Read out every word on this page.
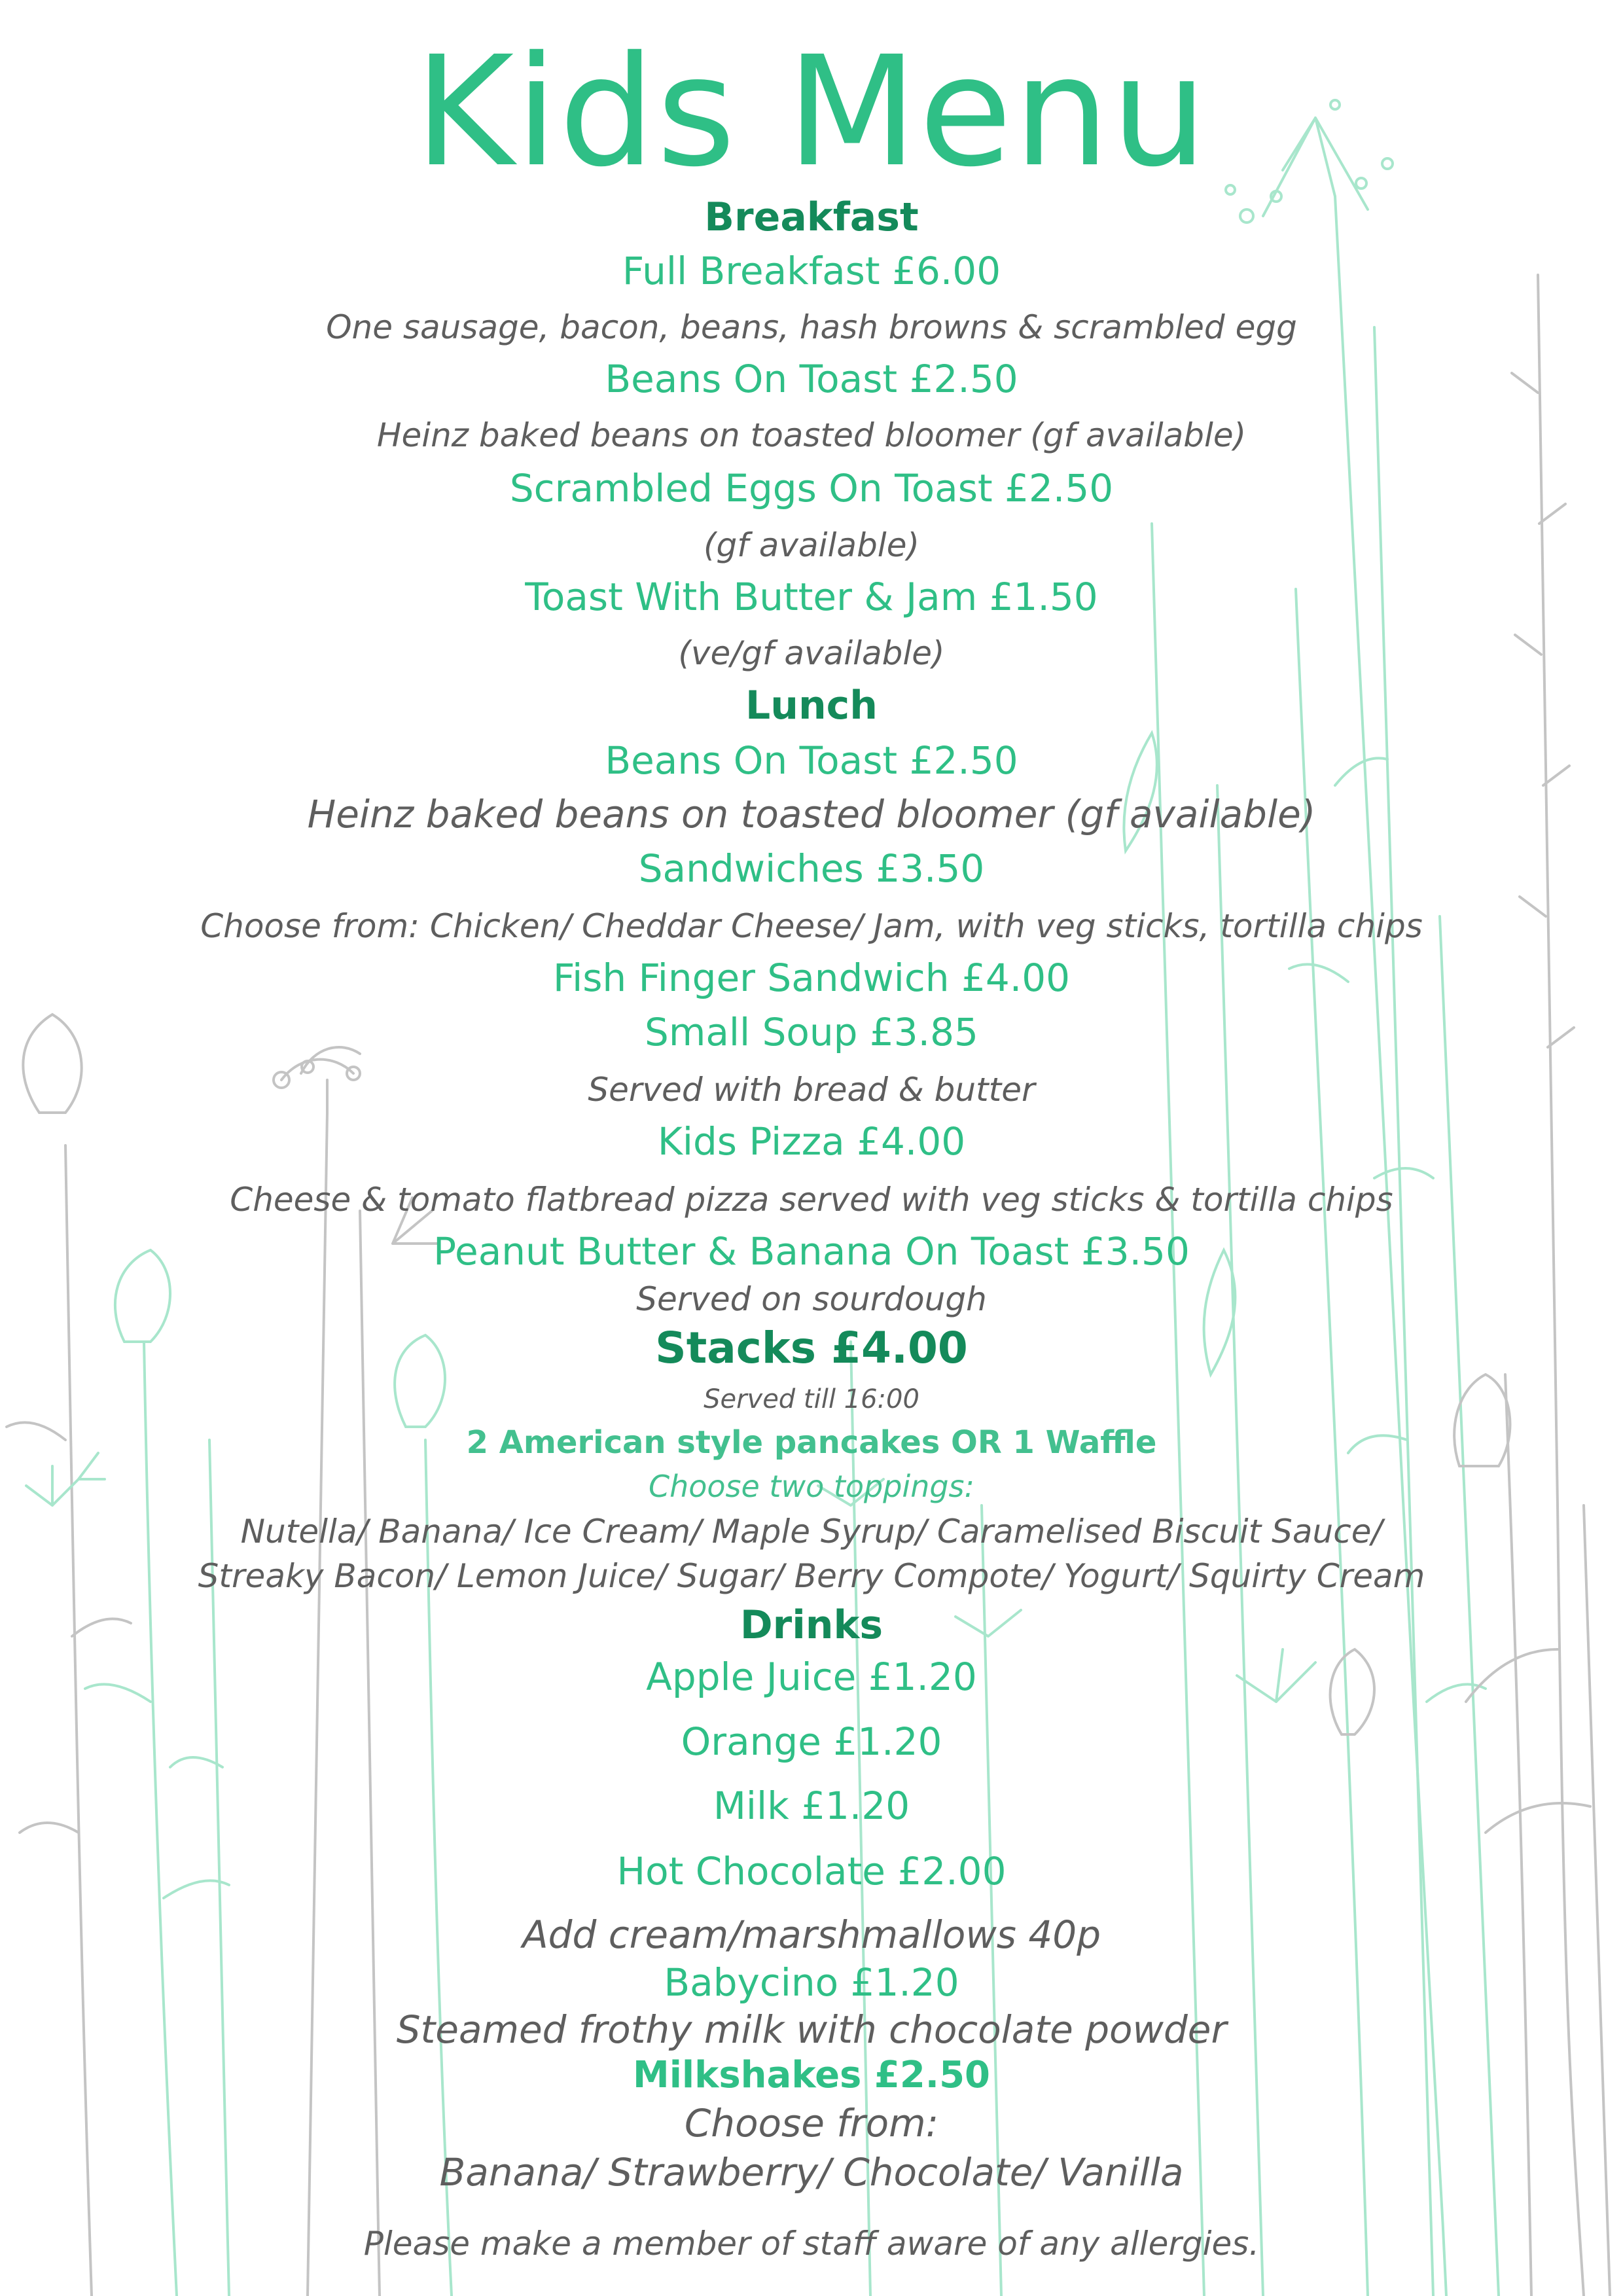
Kids Menu
Breakfast
Full Breakfast £6.00
One sausage, bacon, beans, hash browns & scrambled egg
Beans On Toast £2.50
Heinz baked beans on toasted bloomer (gf available)
Scrambled Eggs On Toast £2.50
(gf available)
Toast With Butter & Jam £1.50
(ve/gf available)
Lunch
Beans On Toast £2.50
Heinz baked beans on toasted bloomer (gf available)
Sandwiches £3.50
Choose from: Chicken/ Cheddar Cheese/ Jam, with veg sticks, tortilla chips
Fish Finger Sandwich £4.00
Small Soup £3.85
Served with bread & butter
Kids Pizza £4.00
Cheese & tomato flatbread pizza served with veg sticks & tortilla chips
Peanut Butter & Banana On Toast £3.50
Served on sourdough
Stacks £4.00
Served till 16:00
2 American style pancakes OR 1 Waffle
Choose two toppings:
Nutella/ Banana/ Ice Cream/ Maple Syrup/ Caramelised Biscuit Sauce/
Streaky Bacon/ Lemon Juice/ Sugar/ Berry Compote/ Yogurt/ Squirty Cream
Drinks
Apple Juice £1.20
Orange £1.20
Milk £1.20
Hot Chocolate £2.00
Add cream/marshmallows 40p
Babycino £1.20
Steamed frothy milk with chocolate powder
Milkshakes £2.50
Choose from:
Banana/ Strawberry/ Chocolate/ Vanilla
Please make a member of staff aware of any allergies.
